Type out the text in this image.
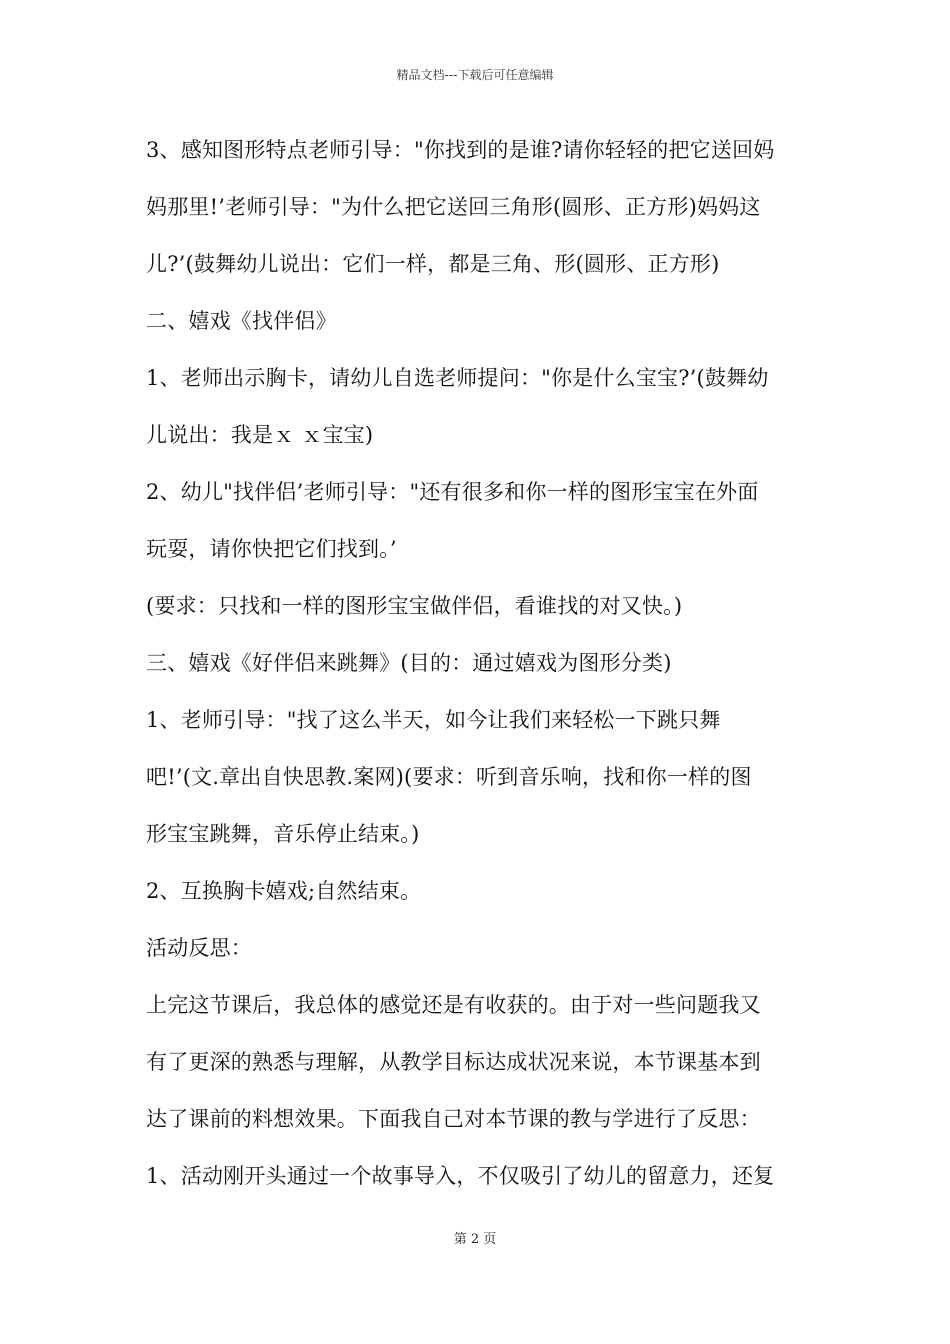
精品文档---下载后可任意编辑
3、感知图形特点老师引导："你找到的是谁?请你轻轻的把它送回妈
妈那里!’老师引导："为什么把它送回三角形(圆形、正方形)妈妈这
儿?’(鼓舞幼儿说出：它们一样，都是三角、形(圆形、正方形)
二、嬉戏《找伴侣》
1、老师出示胸卡，请幼儿自选老师提问："你是什么宝宝?’(鼓舞幼
儿说出：我是ｘ ｘ宝宝)
2、幼儿"找伴侣’老师引导："还有很多和你一样的图形宝宝在外面
玩耍，请你快把它们找到。’
(要求：只找和一样的图形宝宝做伴侣，看谁找的对又快。)
三、嬉戏《好伴侣来跳舞》(目的：通过嬉戏为图形分类)
1、老师引导："找了这么半天，如今让我们来轻松一下跳只舞
吧!’(文.章出自快思教.案网)(要求：听到音乐响，找和你一样的图
形宝宝跳舞，音乐停止结束。)
2、互换胸卡嬉戏;自然结束。
活动反思：
上完这节课后，我总体的感觉还是有收获的。由于对一些问题我又
有了更深的熟悉与理解，从教学目标达成状况来说，本节课基本到
达了课前的料想效果。下面我自己对本节课的教与学进行了反思：
1、活动刚开头通过一个故事导入，不仅吸引了幼儿的留意力，还复
第 2 页
